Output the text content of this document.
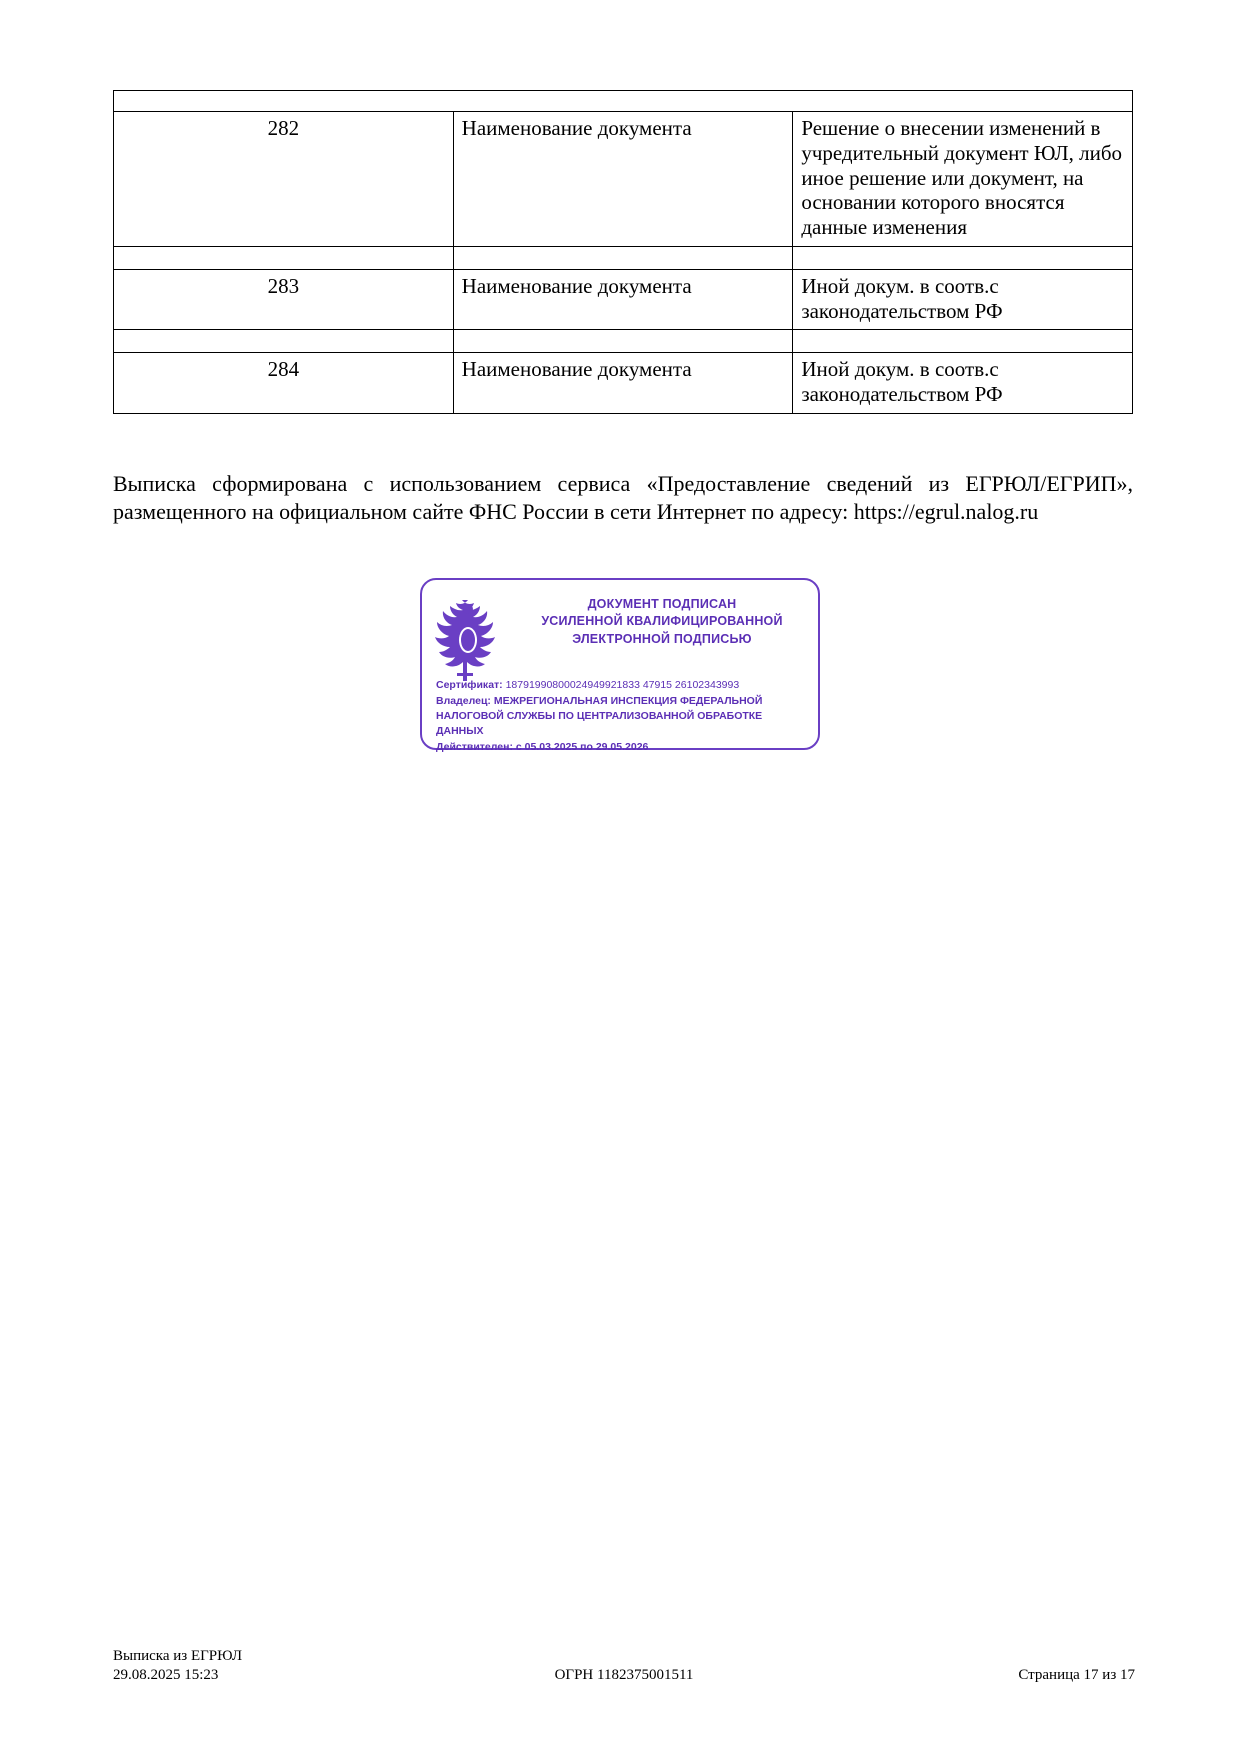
282	Наименование документа	Решение о внесении изменений в учредительный документ ЮЛ, либо иное решение или документ, на основании которого вносятся данные изменения

283	Наименование документа	Иной докум. в соотв.с законодательством РФ

284	Наименование документа	Иной докум. в соотв.с законодательством РФ
Выписка сформирована с использованием сервиса «Предоставление сведений из ЕГРЮЛ/ЕГРИП», размещенного на официальном сайте ФНС России в сети Интернет по адресу: https://egrul.nalog.ru
ДОКУМЕНТ ПОДПИСАН
УСИЛЕННОЙ КВАЛИФИЦИРОВАННОЙ
ЭЛЕКТРОННОЙ ПОДПИСЬЮ
Сертификат: 18791990800024949921833 47915 26102343993
Владелец: МЕЖРЕГИОНАЛЬНАЯ ИНСПЕКЦИЯ ФЕДЕРАЛЬНОЙ НАЛОГОВОЙ СЛУЖБЫ ПО ЦЕНТРАЛИЗОВАННОЙ ОБРАБОТКЕ ДАННЫХ
Действителен: с 05.03.2025 по 29.05.2026
Выписка из ЕГРЮЛ
29.08.2025 15:23	ОГРН 1182375001511	Страница 17 из 17
